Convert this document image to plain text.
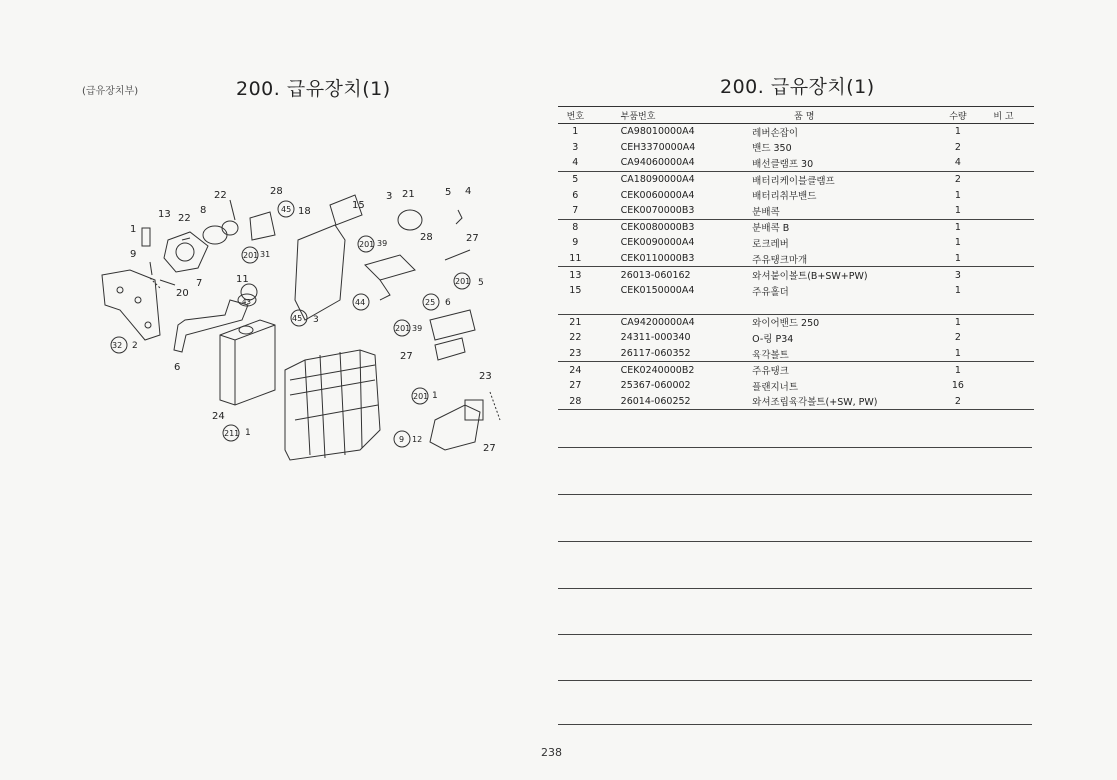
(급유장치부)	200. 급유장치(1)	200. 급유장치(1)
22	28
45 18
3 21	5 4
13 22
8	15
1
201 31
201 39
28	27
9
7	11	201 5
20
44	25 6
45 3
32 2
201 39
6
43
27
23
24
201 1
211 1
9 12
27
번호	부품번호	품 명	수량	비 고
1	CA98010000A4	레버손잡이	1	
3	CEH3370000A4	밴드 350	2	
4	CA94060000A4	배선클램프 30	4	
5	CA18090000A4	배터리케이블클램프	2	
6	CEK0060000A4	배터리취부밴드	1	
7	CEK0070000B3	분배콕	1	
8	CEK0080000B3	분배콕 B	1	
9	CEK0090000A4	로크레버	1	
11	CEK0110000B3	주유탱크마개	1	
13	26013-060162	와셔붙이볼트(B+SW+PW)	3	
15	CEK0150000A4	주유홀더	1	

21	CA94200000A4	와이어밴드 250	1	
22	24311-000340	O-링 P34	2	
23	26117-060352	육각볼트	1	
24	CEK0240000B2	주유탱크	1	
27	25367-060002	플랜지너트	16	
28	26014-060252	와셔조립육각볼트(+SW, PW)	2	
238
